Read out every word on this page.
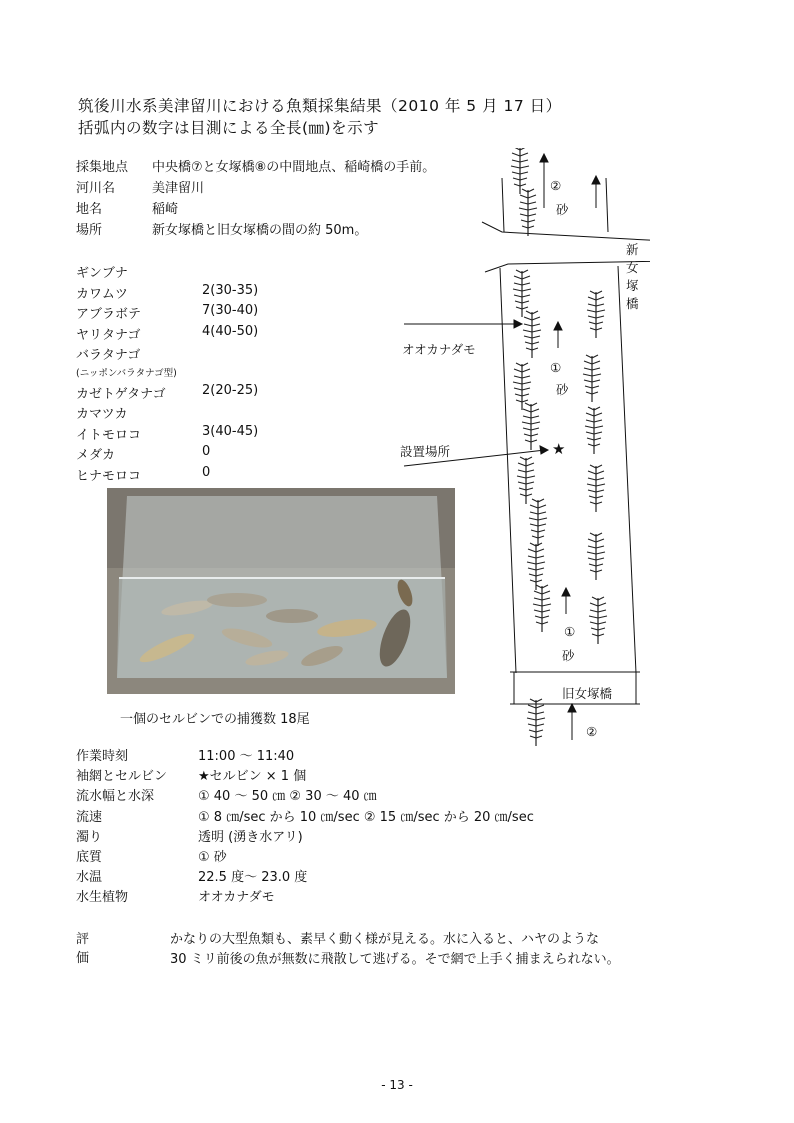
筑後川水系美津留川における魚類採集結果（2010 年 5 月 17 日）
括弧内の数字は目測による全長(㎜)を示す
採集地点	中央橋⑦と女塚橋⑧の中間地点、稲崎橋の手前。
河川名	美津留川
地名	稲崎
場所	新女塚橋と旧女塚橋の間の約 50m。
ギンブナ
カワムツ	2(30-35)
アブラボテ	7(30-40)
ヤリタナゴ	4(40-50)
バラタナゴ
(ニッポンバラタナゴ型)
カゼトゲタナゴ	2(20-25)
カマツカ
イトモロコ	3(40-45)
メダカ	0
ヒナモロコ	0
一個のセルビンでの捕獲数 18尾
作業時刻	11:00 ～ 11:40
袖網とセルビン	★セルビン × 1 個
流水幅と水深	① 40 ～ 50 ㎝ ② 30 ～ 40 ㎝
流速	① 8 ㎝/sec から 10 ㎝/sec ② 15 ㎝/sec から 20 ㎝/sec
濁り	透明 (湧き水アリ)
底質	① 砂
水温	22.5 度～ 23.0 度
水生植物	オオカナダモ
評価
かなりの大型魚類も、素早く動く様が見える。水に入ると、ハヤのような
30 ミリ前後の魚が無数に飛散して逃げる。そで網で上手く捕まえられない。
- 13 -
②
砂
新女塚橋
オオカナダモ
①
砂
設置場所	★
①
砂
旧女塚橋
②
